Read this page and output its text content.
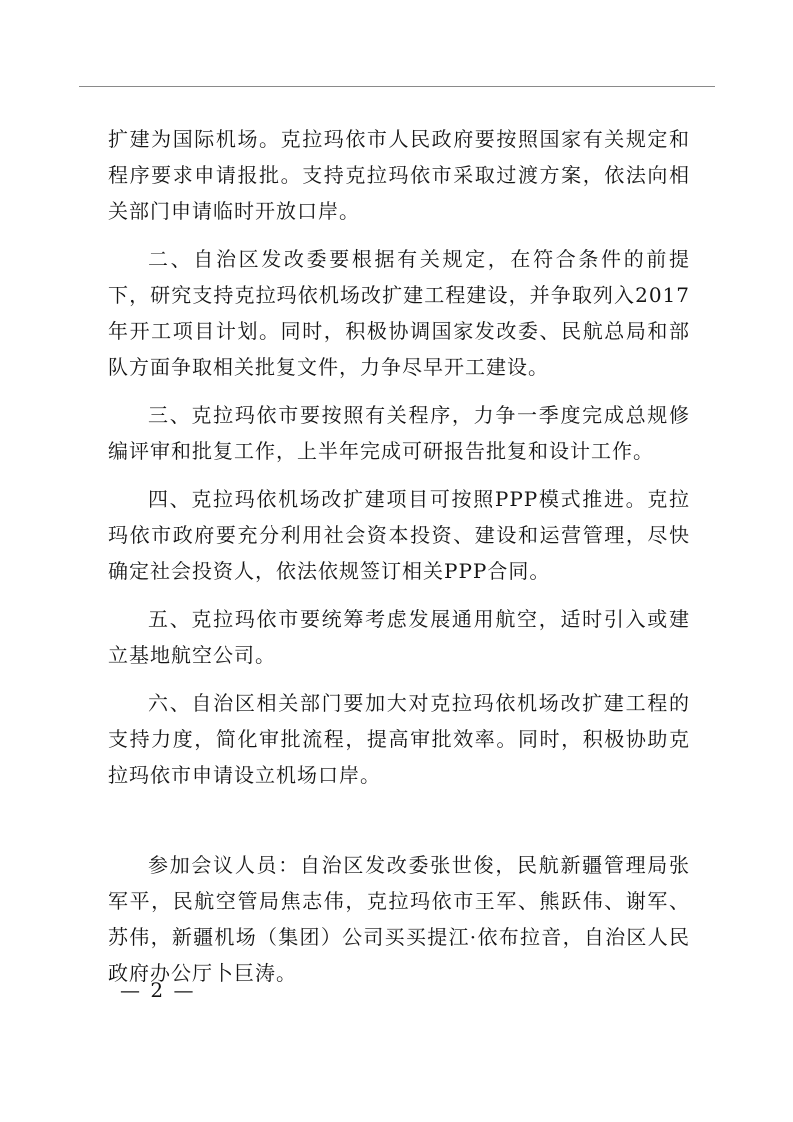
扩建为国际机场。克拉玛依市人民政府要按照国家有关规定和程序要求申请报批。支持克拉玛依市采取过渡方案，依法向相关部门申请临时开放口岸。

二、自治区发改委要根据有关规定，在符合条件的前提下，研究支持克拉玛依机场改扩建工程建设，并争取列入2017年开工项目计划。同时，积极协调国家发改委、民航总局和部队方面争取相关批复文件，力争尽早开工建设。

三、克拉玛依市要按照有关程序，力争一季度完成总规修编评审和批复工作，上半年完成可研报告批复和设计工作。

四、克拉玛依机场改扩建项目可按照PPP模式推进。克拉玛依市政府要充分利用社会资本投资、建设和运营管理，尽快确定社会投资人，依法依规签订相关PPP合同。

五、克拉玛依市要统筹考虑发展通用航空，适时引入或建立基地航空公司。

六、自治区相关部门要加大对克拉玛依机场改扩建工程的支持力度，简化审批流程，提高审批效率。同时，积极协助克拉玛依市申请设立机场口岸。

参加会议人员：自治区发改委张世俊，民航新疆管理局张军平，民航空管局焦志伟，克拉玛依市王军、熊跃伟、谢军、苏伟，新疆机场（集团）公司买买提江·依布拉音，自治区人民政府办公厅卜巨涛。

— 2 —
